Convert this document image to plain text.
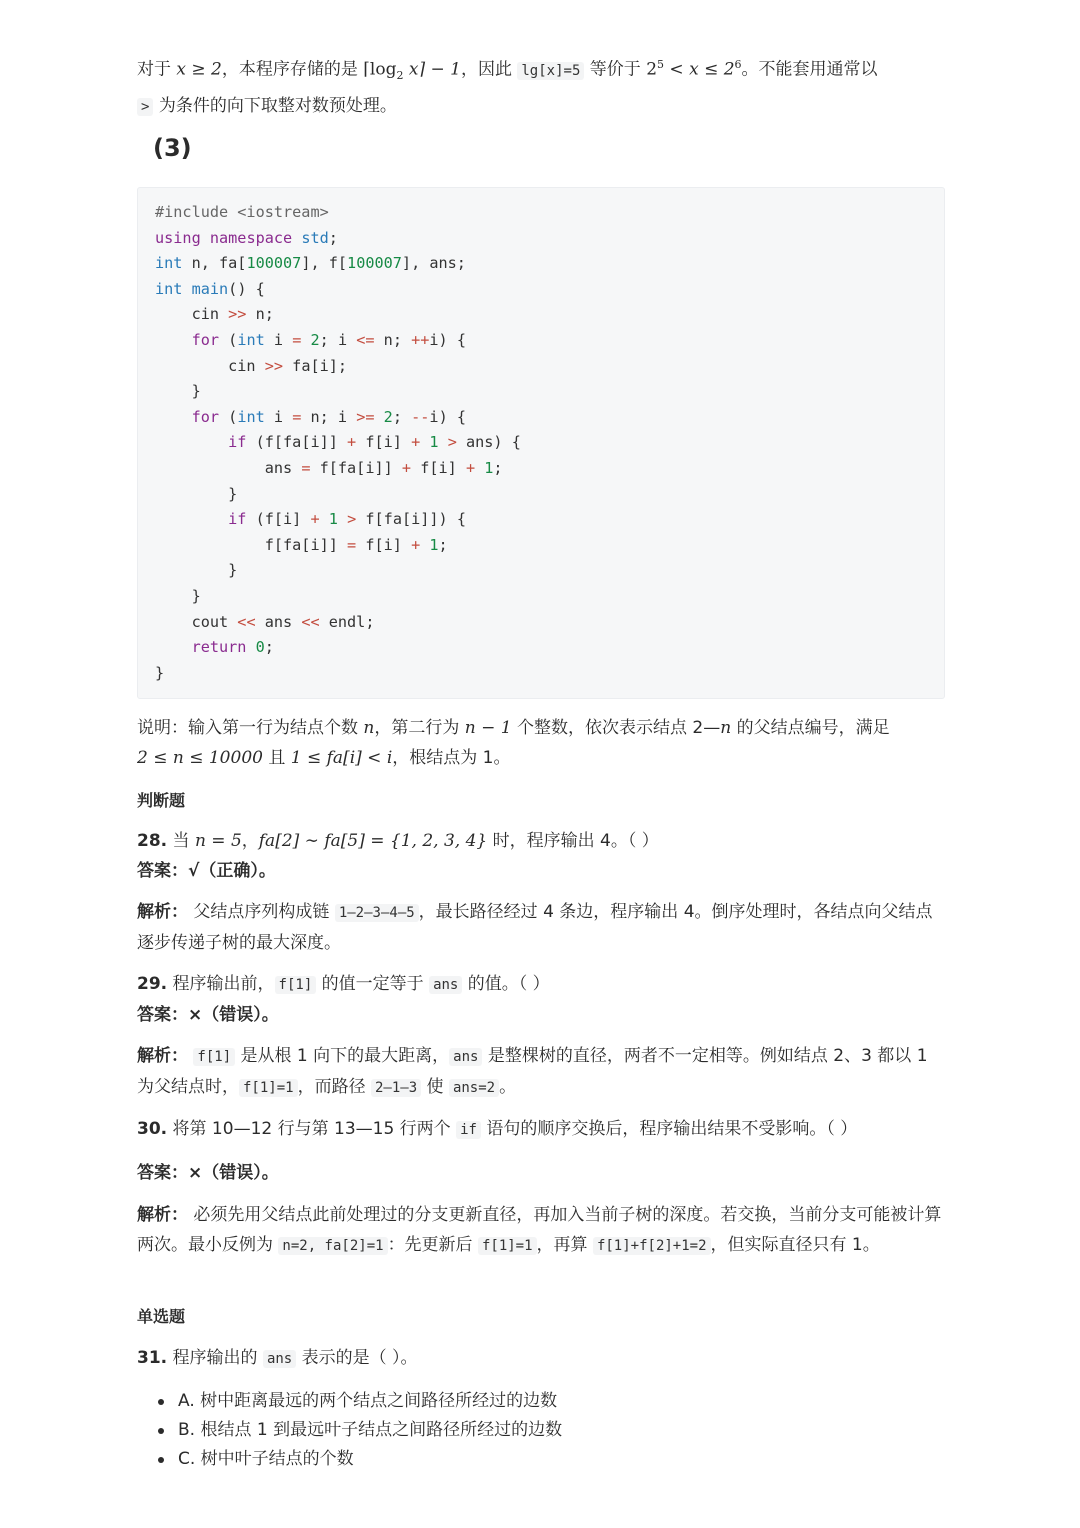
对于 x ≥ 2，本程序存储的是 $⌈\log_2$ x⌉ − 1，因此 lg[x]=5 等价于 $2^5 < x \le 2^6$。不能套用通常以
> 为条件的向下取整对数预处理。

(3)
#include <iostream>
using namespace std;
int n, fa[100007], f[100007], ans;
int main() {
cin >> n;
for (int i = 2; i <= n; ++i) {
cin >> fa[i];
}
for (int i = n; i >= 2; --i) {
if (f[fa[i]] + f[i] + 1 > ans) {
ans = f[fa[i]] + f[i] + 1;
}
if (f[i] + 1 > f[fa[i]]) {
f[fa[i]] = f[i] + 1;
}
}
cout << ans << endl;
return 0;
}

说明：输入第一行为结点个数 n，第二行为 n − 1 个整数，依次表示结点 2—n 的父结点编号，满足
2 ≤ n ≤ 10000 且 1 ≤ fa[i] < i，根结点为 1。

判断题

28. 当 n = 5，fa[2] ∼ fa[5] = {1, 2, 3, 4} 时，程序输出 4。（ ）
答案：√（正确）。

解析： 父结点序列构成链 1–2–3–4–5 ，最长路径经过 4 条边，程序输出 4。倒序处理时，各结点向父结点逐步传递子树的最大深度。

29. 程序输出前， f[1] 的值一定等于 ans 的值。（ ）
答案：×（错误）。

解析： f[1] 是从根 1 向下的最大距离， ans 是整棵树的直径，两者不一定相等。例如结点 2、3 都以 1 为父结点时， f[1]=1 ，而路径 2–1–3 使 ans=2 。

30. 将第 10—12 行与第 13—15 行两个 if 语句的顺序交换后，程序输出结果不受影响。（ ）

答案：×（错误）。

解析： 必须先用父结点此前处理过的分支更新直径，再加入当前子树的深度。若交换，当前分支可能被计算两次。最小反例为 n=2, fa[2]=1 ：先更新后 f[1]=1 ，再算 f[1]+f[2]+1=2 ，但实际直径只有 1。

单选题

31. 程序输出的 ans 表示的是（ ）。

A. 树中距离最远的两个结点之间路径所经过的边数
B. 根结点 1 到最远叶子结点之间路径所经过的边数
C. 树中叶子结点的个数
